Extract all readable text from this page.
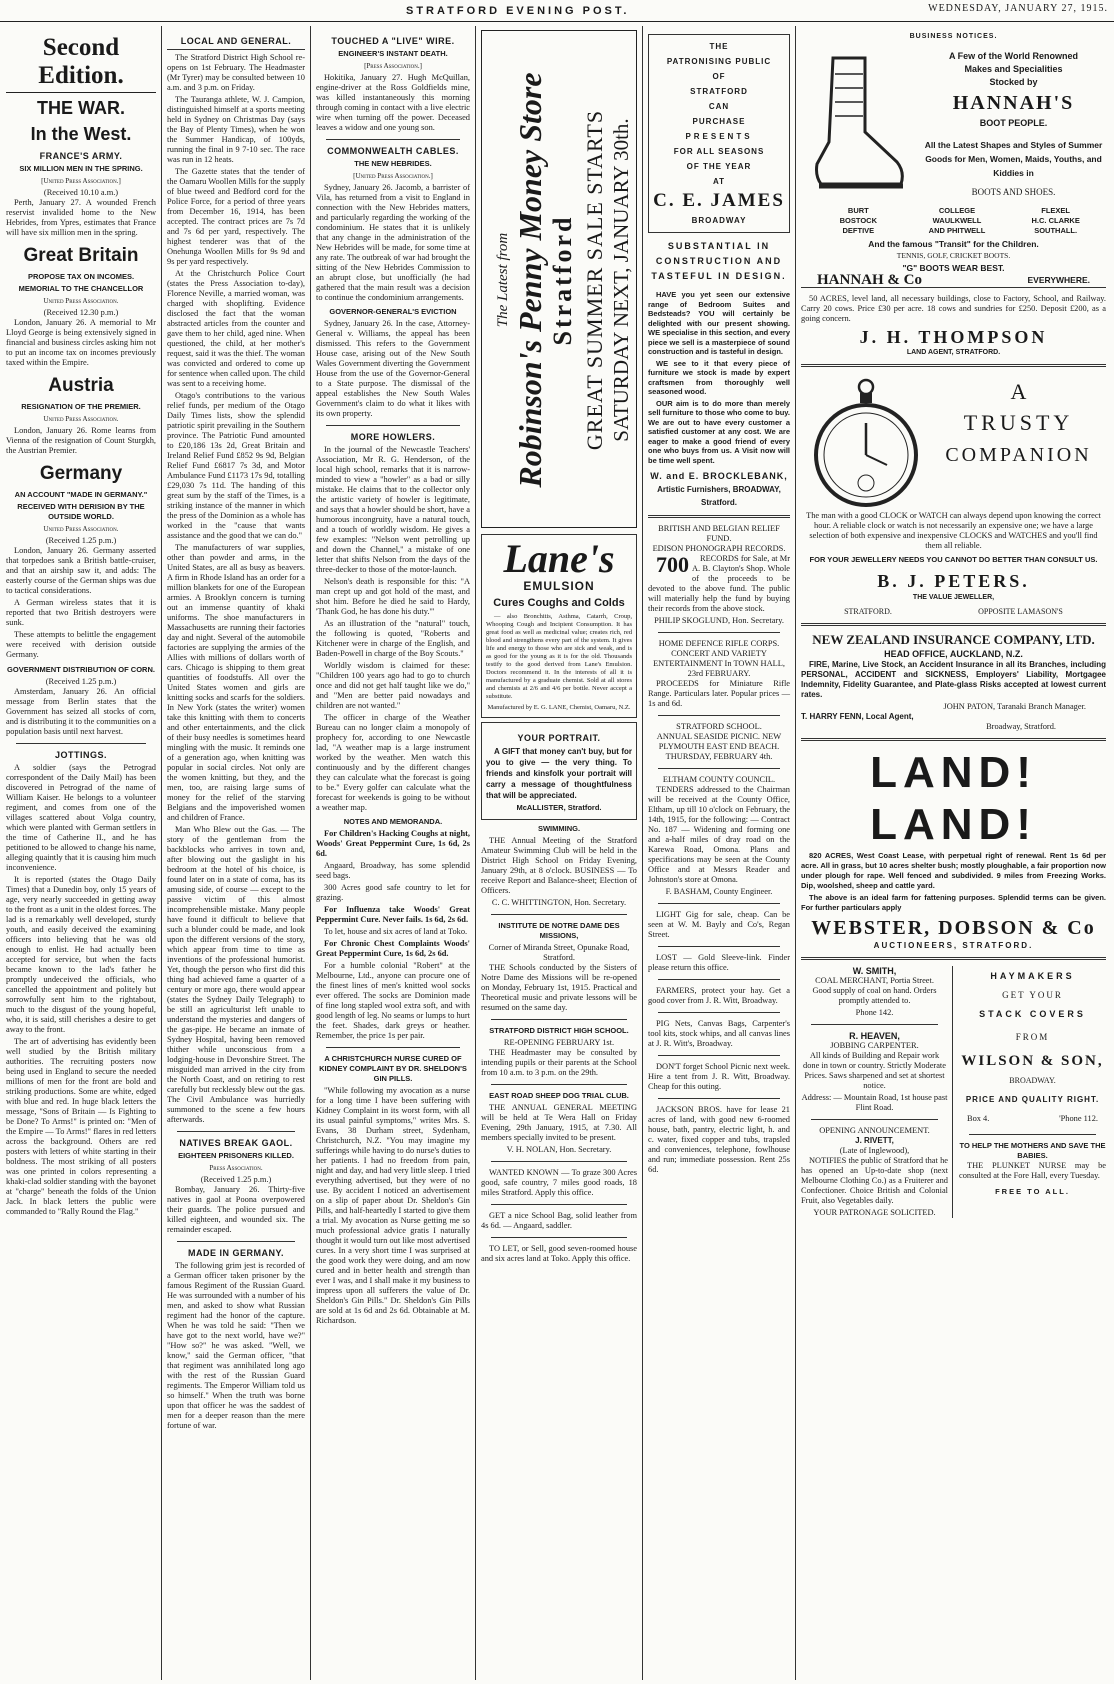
STRATFORD EVENING POST.	WEDNESDAY, JANUARY 27, 1915.
Second Edition.
THE WAR.
In the West.
FRANCE'S ARMY.
SIX MILLION MEN IN THE SPRING.
[United Press Association.]
(Received 10.10 a.m.)

Perth, January 27. A wounded French reservist invalided home to the New Hebrides, from Ypres, estimates that France will have six million men in the spring.

Great Britain
PROPOSE TAX ON INCOMES.
MEMORIAL TO THE CHANCELLOR
United Press Association.
(Received 12.30 p.m.)

London, January 26. A memorial to Mr Lloyd George is being extensively signed in financial and business circles asking him not to put an income tax on incomes previously taxed within the Empire.

Austria
RESIGNATION OF THE PREMIER.
United Press Association.

London, January 26. Rome learns from Vienna of the resignation of Count Sturgkh, the Austrian Premier.

Germany
AN ACCOUNT "MADE IN GERMANY."
RECEIVED WITH DERISION BY THE OUTSIDE WORLD.
United Press Association.
(Received 1.25 p.m.)

London, January 26. Germany asserted that torpedoes sank a British battle-cruiser, and that an airship saw it, and adds: The easterly course of the German ships was due to tactical considerations.

A German wireless states that it is reported that two British destroyers were sunk.

These attempts to belittle the engagement were received with derision outside Germany.

GOVERNMENT DISTRIBUTION OF CORN.
(Received 1.25 p.m.)

Amsterdam, January 26. An official message from Berlin states that the Government has seized all stocks of corn, and is distributing it to the communities on a population basis until next harvest.

JOTTINGS.

A soldier (says the Petrograd correspondent of the Daily Mail) has been discovered in Petrograd of the name of William Kaiser. He belongs to a volunteer regiment, and comes from one of the villages scattered about Volga country, which were planted with German settlers in the time of Catherine II., and he has petitioned to be allowed to change his name, alleging quaintly that it is causing him much inconvenience.

It is reported (states the Otago Daily Times) that a Dunedin boy, only 15 years of age, very nearly succeeded in getting away to the front as a unit in the oldest forces. The lad is a remarkably well developed, sturdy youth, and easily deceived the examining officers into believing that he was old enough to enlist. He had actually been accepted for service, but when the facts became known to the lad's father he promptly undeceived the officials, who cancelled the appointment and politely but sorrowfully sent him to the rightabout, much to the disgust of the young hopeful, who, it is said, still cherishes a desire to get away to the front.

The art of advertising has evidently been well studied by the British military authorities. The recruiting posters now being used in England to secure the needed millions of men for the front are bold and striking productions. Some are white, edged with blue and red. In huge black letters the message, "Sons of Britain — Is Fighting to be Done? To Arms!" is printed on: "Men of the Empire — To Arms!" flares in red letters across the background. Others are red posters with letters of white starting in their boldness. The most striking of all posters was one printed in colors representing a khaki-clad soldier standing with the bayonet at "charge" beneath the folds of the Union Jack. In black letters the public were commanded to "Rally Round the Flag."

LOCAL AND GENERAL.

The Stratford District High School re-opens on 1st February. The Headmaster (Mr Tyrer) may be consulted between 10 a.m. and 3 p.m. on Friday.

The Tauranga athlete, W. J. Campion, distinguished himself at a sports meeting held in Sydney on Christmas Day (says the Bay of Plenty Times), when he won the Summer Handicap, of 100yds, running the final in 9 7-10 sec. The race was run in 12 heats.

The Gazette states that the tender of the Oamaru Woollen Mills for the supply of blue tweed and Bedford cord for the Police Force, for a period of three years from December 16, 1914, has been accepted. The contract prices are 7s 7d and 7s 6d per yard, respectively. The highest tenderer was that of the Onehunga Woollen Mills for 9s 9d and 9s per yard respectively.

At the Christchurch Police Court (states the Press Association to-day), Florence Neville, a married woman, was charged with shoplifting. Evidence disclosed the fact that the woman abstracted articles from the counter and gave them to her child, aged nine. When questioned, the child, at her mother's request, said it was the thief. The woman was convicted and ordered to come up for sentence when called upon. The child was sent to a receiving home.

Otago's contributions to the various relief funds, per medium of the Otago Daily Times lists, show the splendid patriotic spirit prevailing in the Southern province. The Patriotic Fund amounted to £20,186 13s 2d, Great Britain and Ireland Relief Fund £852 9s 9d, Belgian Relief Fund £6817 7s 3d, and Motor Ambulance Fund £1173 17s 9d, totalling £29,030 7s 11d. The handing of this great sum by the staff of the Times, is a striking instance of the manner in which the press of the Dominion as a whole has worked in the "cause that wants assistance and the good that we can do."

The manufacturers of war supplies, other than powder and arms, in the United States, are all as busy as beavers. A firm in Rhode Island has an order for a million blankets for one of the European armies. A Brooklyn concern is turning out an immense quantity of khaki uniforms. The shoe manufacturers in Massachusetts are running their factories day and night. Several of the automobile factories are supplying the armies of the Allies with millions of dollars worth of cars. Chicago is shipping to them great quantities of foodstuffs. All over the United States women and girls are knitting socks and scarfs for the soldiers. In New York (states the writer) women take this knitting with them to concerts and other entertainments, and the click of their busy needles is sometimes heard mingling with the music. It reminds one of a generation ago, when knitting was popular in social circles. Not only are the women knitting, but they, and the men, too, are raising large sums of money for the relief of the starving Belgians and the impoverished women and children of France.

Man Who Blew out the Gas. — The story of the gentleman from the backblocks who arrives in town and, after blowing out the gaslight in his bedroom at the hotel of his choice, is found later on in a state of coma, has its amusing side, of course — except to the passive victim of this almost incomprehensible mistake. Many people have found it difficult to believe that such a blunder could be made, and look upon the different versions of the story, which appear from time to time as inventions of the professional humorist. Yet, though the person who first did this thing had achieved fame a quarter of a century or more ago, there would appear (states the Sydney Daily Telegraph) to be still an agriculturist left unable to understand the mysteries and dangers of the gas-pipe. He became an inmate of Sydney Hospital, having been removed thither while unconscious from a lodging-house in Devonshire Street. The misguided man arrived in the city from the North Coast, and on retiring to rest carefully but recklessly blew out the gas. The Civil Ambulance was hurriedly summoned to the scene a few hours afterwards.

NATIVES BREAK GAOL.
EIGHTEEN PRISONERS KILLED.
Press Association.
(Received 1.25 p.m.)

Bombay, January 26. Thirty-five natives in gaol at Poona overpowered their guards. The police pursued and killed eighteen, and wounded six. The remainder escaped.

MADE IN GERMANY.

The following grim jest is recorded of a German officer taken prisoner by the famous Regiment of the Russian Guard. He was surrounded with a number of his men, and asked to show what Russian regiment had the honor of the capture. When he was told he said: "Then we have got to the next world, have we?" "How so?" he was asked. "Well, we know," said the German officer, "that that regiment was annihilated long ago with the rest of the Russian Guard regiments. The Emperor William told us so himself." When the truth was borne upon that officer he was the saddest of men for a deeper reason than the mere fortune of war.

TOUCHED A "LIVE" WIRE.
ENGINEER'S INSTANT DEATH.
[Press Association.]

Hokitika, January 27. Hugh McQuillan, engine-driver at the Ross Goldfields mine, was killed instantaneously this morning through coming in contact with a live electric wire when turning off the power. Deceased leaves a widow and one young son.

COMMONWEALTH CABLES.
THE NEW HEBRIDES.
[United Press Association.]

Sydney, January 26. Jacomb, a barrister of Vila, has returned from a visit to England in connection with the New Hebrides matters, and particularly regarding the working of the condominium. He states that it is unlikely that any change in the administration of the New Hebrides will be made, for some time at any rate. The outbreak of war had brought the sitting of the New Hebrides Commission to an abrupt close, but unofficially (he had gathered that the main result was a decision to continue the condominium arrangements.

GOVERNOR-GENERAL'S EVICTION

Sydney, January 26. In the case, Attorney-General v. Williams, the appeal has been dismissed. This refers to the Government House case, arising out of the New South Wales Government diverting the Government House from the use of the Governor-General to a State purpose. The dismissal of the appeal establishes the New South Wales Government's claim to do what it likes with its own property.

MORE HOWLERS.

In the journal of the Newcastle Teachers' Association, Mr R. G. Henderson, of the local high school, remarks that it is narrow-minded to view a "howler" as a bad or silly mistake. He claims that to the collector only the artistic variety of howler is legitimate, and says that a howler should be short, have a humorous incongruity, have a natural touch, and a touch of worldly wisdom. He gives a few examples: "Nelson went petrolling up and down the Channel," a mistake of one letter that shifts Nelson from the days of the three-decker to those of the motor-launch.

Nelson's death is responsible for this: "A man crept up and got hold of the mast, and shot him. Before he died he said to Hardy, 'Thank God, he has done his duty.'"

As an illustration of the "natural" touch, the following is quoted, "Roberts and Kitchener were in charge of the English, and Baden-Powell in charge of the Boy Scouts."

Worldly wisdom is claimed for these: "Children 100 years ago had to go to church once and did not get half taught like we do," and "Men are better paid nowadays and children are not wanted."

The officer in charge of the Weather Bureau can no longer claim a monopoly of prophecy for, according to one Newcastle lad, "A weather map is a large instrument worked by the weather. Men watch this continuously and by the different changes they can calculate what the forecast is going to be." Every golfer can calculate what the forecast for weekends is going to be without a weather map.

NOTES AND MEMORANDA.

For Children's Hacking Coughs at night, Woods' Great Peppermint Cure, 1s 6d, 2s 6d.

Angaard, Broadway, has some splendid seed bags.

300 Acres good safe country to let for grazing.

For Influenza take Woods' Great Peppermint Cure. Never fails. 1s 6d, 2s 6d.

To let, house and six acres of land at Toko.

For Chronic Chest Complaints Woods' Great Peppermint Cure, 1s 6d, 2s 6d.

For a humble colonial "Robert" at the Melbourne, Ltd., anyone can procure one of the finest lines of men's knitted wool socks ever offered. The socks are Dominion made of fine long stapled wool extra soft, and with good length of leg. No seams or lumps to hurt the feet. Shades, dark greys or heather. Remember, the price 1s per pair.

A CHRISTCHURCH NURSE CURED OF KIDNEY COMPLAINT BY DR. SHELDON'S GIN PILLS.

"While following my avocation as a nurse for a long time I have been suffering with Kidney Complaint in its worst form, with all its usual painful symptoms," writes Mrs. S. Evans, 38 Durham street, Sydenham, Christchurch, N.Z. "You may imagine my sufferings while having to do nurse's duties to her patients. I had no freedom from pain, night and day, and had very little sleep. I tried everything advertised, but they were of no use. By accident I noticed an advertisement on a slip of paper about Dr. Sheldon's Gin Pills, and half-heartedly I started to give them a trial. My avocation as Nurse getting me so much professional advice gratis I naturally thought it would turn out like most advertised cures. In a very short time I was surprised at the good work they were doing, and am now cured and in better health and strength than ever I was, and I shall make it my business to impress upon all sufferers the value of Dr. Sheldon's Gin Pills." Dr. Sheldon's Gin Pills are sold at 1s 6d and 2s 6d. Obtainable at M. Richardson.

The Latest from Robinson's Penny Money Store Stratford GREAT SUMMER SALE STARTS SATURDAY NEXT, JANUARY 30th.
Lane's
EMULSION
Cures Coughs and Colds

— also Bronchitis, Asthma, Catarrh, Croup, Whooping Cough and Incipient Consumption. It has great food as well as medicinal value; creates rich, red blood and strengthens every part of the system. It gives life and energy to those who are sick and weak, and is as good for the young as it is for the old. Thousands testify to the good derived from Lane's Emulsion. Doctors recommend it. In the interests of all it is manufactured by a graduate chemist. Sold at all stores and chemists at 2/6 and 4/6 per bottle. Never accept a substitute.

Manufactured by E. G. LANE, Chemist, Oamaru, N.Z.
YOUR PORTRAIT.

A GIFT that money can't buy, but for you to give — the very thing. To friends and kinsfolk your portrait will carry a message of thoughtfulness that will be appreciated.

McALLISTER, Stratford.
SWIMMING.

THE Annual Meeting of the Stratford Amateur Swimming Club will be held in the District High School on Friday Evening, January 29th, at 8 o'clock. BUSINESS — To receive Report and Balance-sheet; Election of Officers.

C. C. WHITTINGTON, Hon. Secretary.
INSTITUTE DE NOTRE DAME DES MISSIONS,
Corner of Miranda Street, Opunake Road, Stratford.

THE Schools conducted by the Sisters of Notre Dame des Missions will be re-opened on Monday, February 1st, 1915. Practical and Theoretical music and private lessons will be resumed on the same day.

STRATFORD DISTRICT HIGH SCHOOL.
RE-OPENING FEBRUARY 1st.

THE Headmaster may be consulted by intending pupils or their parents at the School from 10 a.m. to 3 p.m. on the 29th.

EAST ROAD SHEEP DOG TRIAL CLUB.

THE ANNUAL GENERAL MEETING will be held at Te Wera Hall on Friday Evening, 29th January, 1915, at 7.30. All members specially invited to be present.

V. H. NOLAN, Hon. Secretary.

WANTED KNOWN — To graze 300 Acres good, safe country, 7 miles good roads, 18 miles Stratford. Apply this office.

GET a nice School Bag, solid leather from 4s 6d. — Angaard, saddler.

TO LET, or Sell, good seven-roomed house and six acres land at Toko. Apply this office.

THE
PATRONISING PUBLIC
OF
STRATFORD
CAN
PURCHASE
PRESENTS
FOR ALL SEASONS
OF THE YEAR
AT
C. E. JAMES
BROADWAY
SUBSTANTIAL IN CONSTRUCTION AND TASTEFUL IN DESIGN.

HAVE you yet seen our extensive range of Bedroom Suites and Bedsteads? YOU will certainly be delighted with our present showing. WE specialise in this section, and every piece we sell is a masterpiece of sound construction and is tasteful in design.

WE see to it that every piece of furniture we stock is made by expert craftsmen from thoroughly well seasoned wood.

OUR aim is to do more than merely sell furniture to those who come to buy. We are out to have every customer a satisfied customer at any cost. We are eager to make a good friend of every one who buys from us. A Visit now will be time well spent.

W. and E. BROCKLEBANK,
Artistic Furnishers, BROADWAY, Stratford.
BRITISH AND BELGIAN RELIEF FUND.
EDISON PHONOGRAPH RECORDS.

700 RECORDS for Sale, at Mr A. B. Clayton's Shop. Whole of the proceeds to be devoted to the above fund. The public will materially help the fund by buying their records from the above stock.

PHILIP SKOGLUND, Hon. Secretary.
HOME DEFENCE RIFLE CORPS.
CONCERT AND VARIETY ENTERTAINMENT In TOWN HALL, 23rd FEBRUARY.

PROCEEDS for Miniature Rifle Range. Particulars later. Popular prices — 1s and 6d.

STRATFORD SCHOOL.

ANNUAL SEASIDE PICNIC. NEW PLYMOUTH EAST END BEACH. THURSDAY, FEBRUARY 4th.

ELTHAM COUNTY COUNCIL.

TENDERS addressed to the Chairman will be received at the County Office, Eltham, up till 10 o'clock on February, the 14th, 1915, for the following: — Contract No. 187 — Widening and forming one and a-half miles of dray road on the Karewa Road, Omona. Plans and specifications may be seen at the County Office and at Messrs Reader and Johnston's store at Omona.

F. BASHAM, County Engineer.

LIGHT Gig for sale, cheap. Can be seen at W. M. Bayly and Co's, Regan Street.

LOST — Gold Sleeve-link. Finder please return this office.

FARMERS, protect your hay. Get a good cover from J. R. Witt, Broadway.

PIG Nets, Canvas Bags, Carpenter's tool kits, stock whips, and all canvas lines at J. R. Witt's, Broadway.

DON'T forget School Picnic next week. Hire a tent from J. R. Witt, Broadway. Cheap for this outing.

JACKSON BROS. have for lease 21 acres of land, with good new 6-roomed house, bath, pantry, electric light, h. and c. water, fixed copper and tubs, trapsled and conveniences, telephone, fowlhouse and run; immediate possession. Rent 25s 6d.

BUSINESS NOTICES.
A Few of the World Renowned
Makes and Specialities
Stocked by
HANNAH'S
BOOT PEOPLE.
All the Latest Shapes and Styles of Summer Goods for Men, Women, Maids, Youths, and Kiddies in
BOOTS AND SHOES.
BURT	COLLEGE	FLEXEL
BOSTOCK	WAULKWELL	H.C. CLARKE
DEFTIVE	AND PHITWELL	SOUTHALL.
And the famous "Transit" for the Children.
TENNIS, GOLF, CRICKET BOOTS.
"G" BOOTS WEAR BEST.
HANNAH & Co	EVERYWHERE.

50 ACRES, level land, all necessary buildings, close to Factory, School, and Railway. Carry 20 cows. Price £30 per acre. 18 cows and sundries for £250. Deposit £200, as a going concern.

J. H. THOMPSON
LAND AGENT, STRATFORD.
A
TRUSTY
COMPANION

The man with a good CLOCK or WATCH can always depend upon knowing the correct hour. A reliable clock or watch is not necessarily an expensive one; we have a large selection of both expensive and inexpensive CLOCKS and WATCHES and you'll find them all reliable.

FOR YOUR JEWELLERY NEEDS YOU CANNOT DO BETTER THAN CONSULT US.
B. J. PETERS.
THE VALUE JEWELLER,
STRATFORD.	OPPOSITE LAMASON'S
NEW ZEALAND INSURANCE COMPANY, LTD.
HEAD OFFICE, AUCKLAND, N.Z.

FIRE, Marine, Live Stock, an Accident Insurance in all its Branches, including PERSONAL, ACCIDENT and SICKNESS, Employers' Liability, Mortgagee Indemnity, Fidelity Guarantee, and Plate-glass Risks accepted at lowest current rates.

JOHN PATON, Taranaki Branch Manager.
T. HARRY FENN, Local Agent,
Broadway, Stratford.
LAND! LAND!

820 ACRES, West Coast Lease, with perpetual right of renewal. Rent 1s 6d per acre. All in grass, but 10 acres shelter bush; mostly ploughable, a fair proportion now under plough for rape. Well fenced and subdivided. 9 miles from Freezing Works. Dip, woolshed, sheep and cattle yard.

The above is an ideal farm for fattening purposes. Splendid terms can be given. For further particulars apply

WEBSTER, DOBSON & Co
AUCTIONEERS, STRATFORD.
W. SMITH,
COAL MERCHANT, Portia Street.

Good supply of coal on hand. Orders promptly attended to.

Phone 142.
R. HEAVEN,
JOBBING CARPENTER.

All kinds of Building and Repair work done in town or country. Strictly Moderate Prices. Saws sharpened and set at shortest notice.

Address: — Mountain Road, 1st house past Flint Road.
OPENING ANNOUNCEMENT.
J. RIVETT,
(Late of Inglewood),

NOTIFIES the public of Stratford that he has opened an Up-to-date shop (next Melbourne Clothing Co.) as a Fruiterer and Confectioner. Choice British and Colonial Fruit, also Vegetables daily.

YOUR PATRONAGE SOLICITED.
HAYMAKERS
GET YOUR
STACK COVERS
FROM
WILSON & SON,
BROADWAY.
PRICE AND QUALITY RIGHT.
Box 4.	'Phone 112.
TO HELP THE MOTHERS AND SAVE THE BABIES.

THE PLUNKET NURSE may be consulted at the Fore Hall, every Tuesday.

FREE TO ALL.
